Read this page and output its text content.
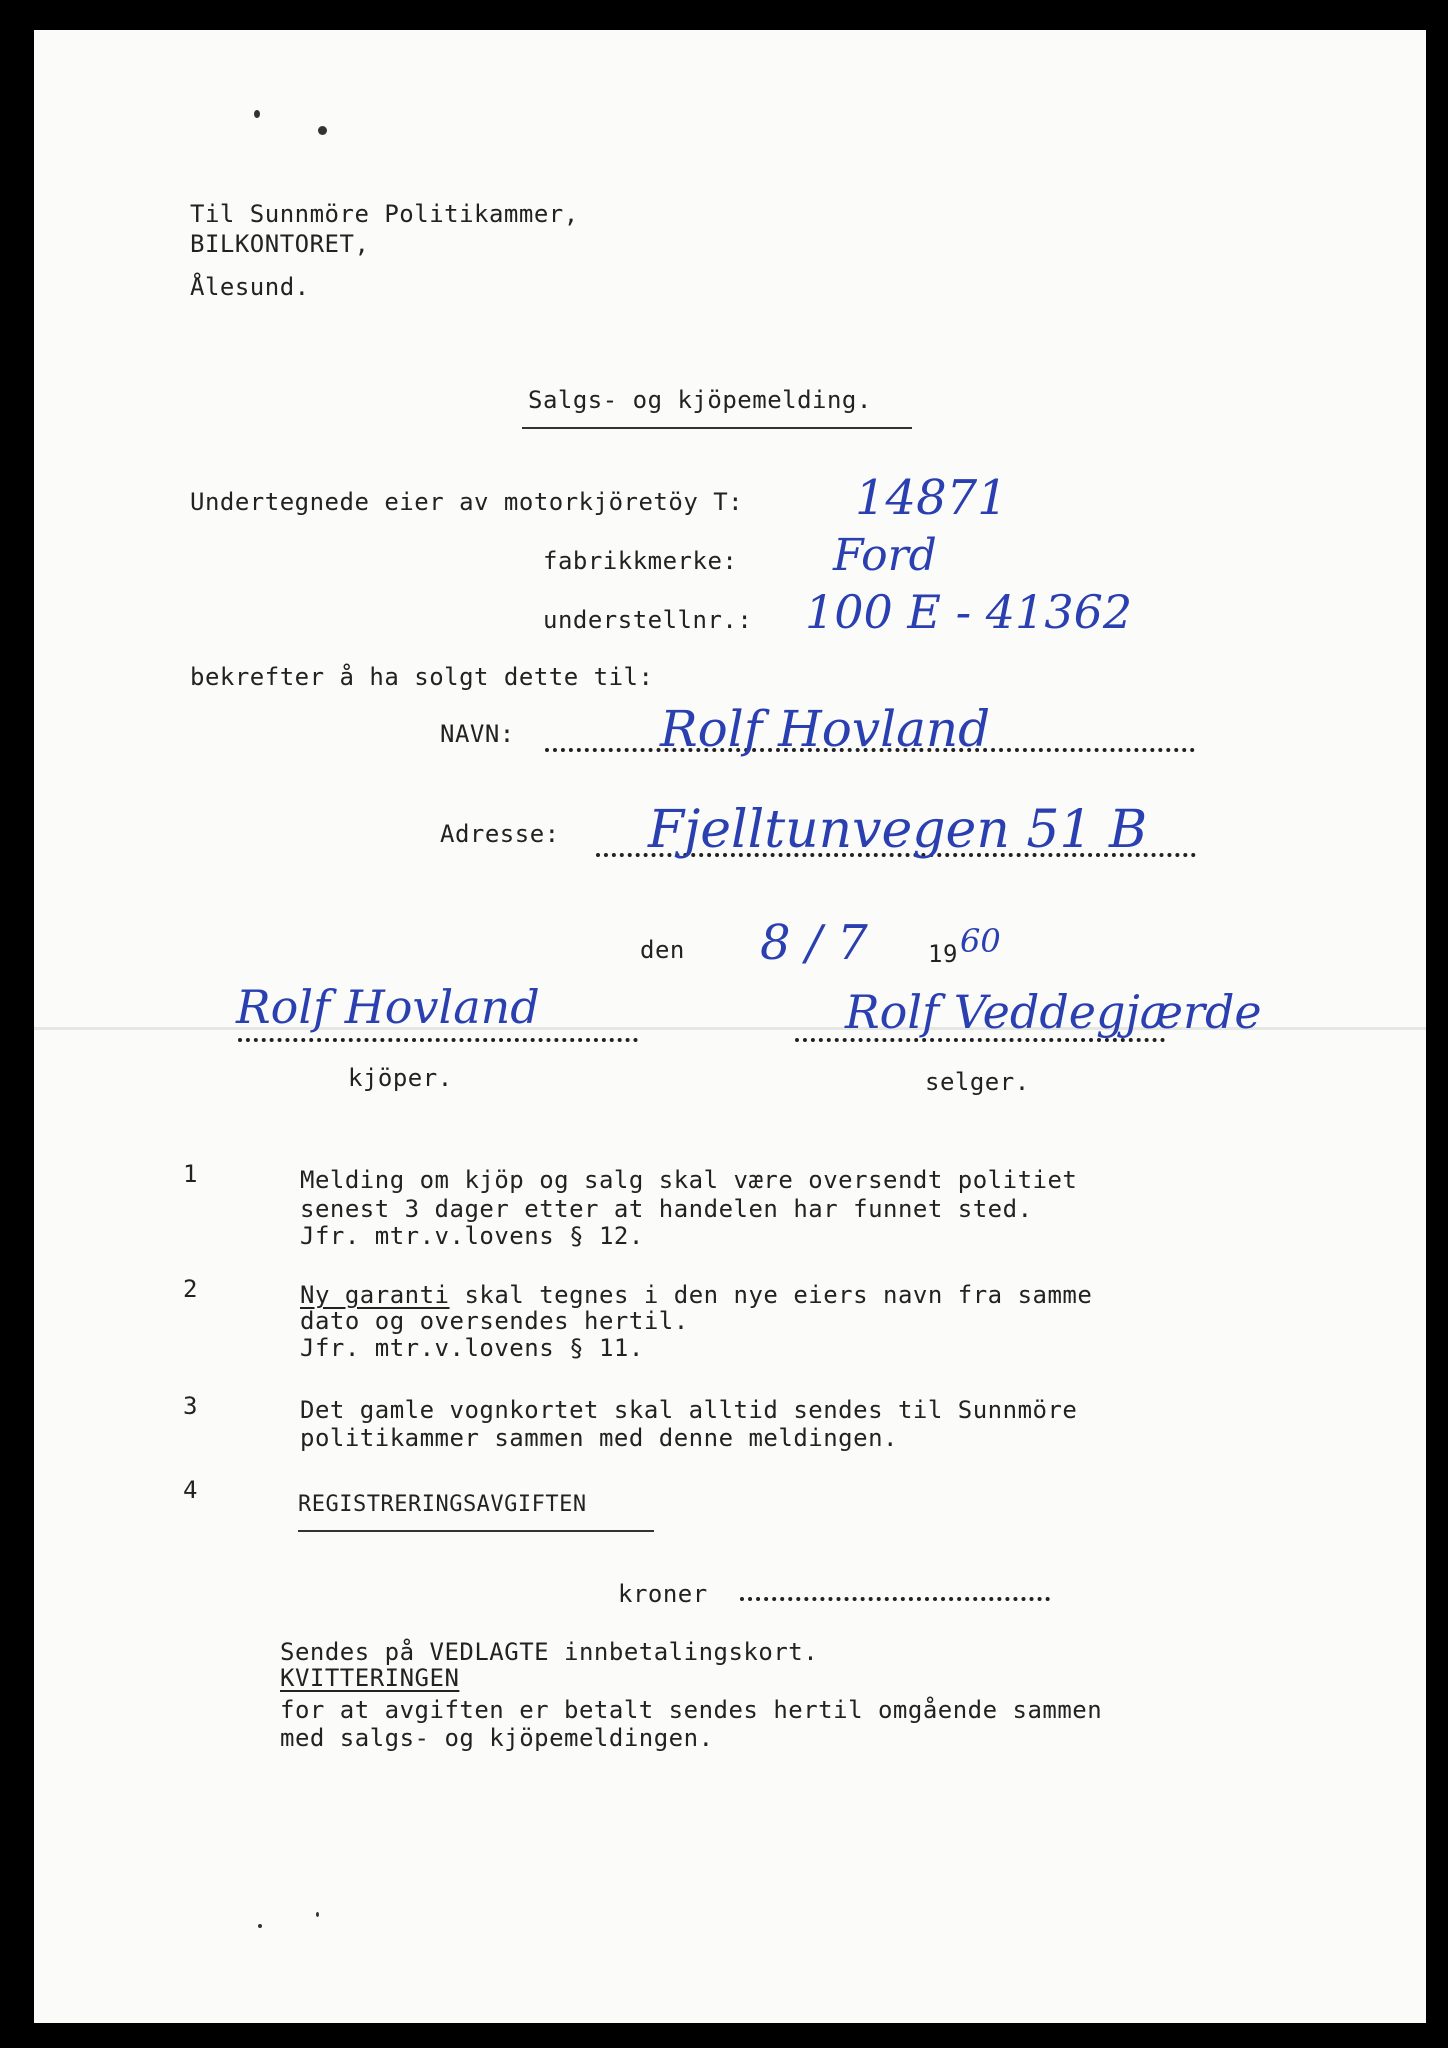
Til Sunnmöre Politikammer,
BILKONTORET,
Ålesund.
Salgs- og kjöpemelding.
Undertegnede eier av motorkjöretöy T: 14871
fabrikkmerke: Ford
understellnr.: 100 E - 41362
bekrefter å ha solgt dette til:
NAVN:	Rolf Hovland
Adresse: Fjelltunvegen 51 B
den 8 / 7	19 60
Rolf Hovland
kjöper.
Rolf Veddegjærde
selger.
1	Melding om kjöp og salg skal være oversendt politiet
senest 3 dager etter at handelen har funnet sted.
Jfr. mtr.v.lovens § 12.
2	Ny garanti skal tegnes i den nye eiers navn fra samme
dato og oversendes hertil.
Jfr. mtr.v.lovens § 11.
3	Det gamle vognkortet skal alltid sendes til Sunnmöre
politikammer sammen med denne meldingen.
4
REGISTRERINGSAVGIFTEN
kroner
Sendes på VEDLAGTE innbetalingskort.
KVITTERINGEN
for at avgiften er betalt sendes hertil omgående sammen
med salgs- og kjöpemeldingen.
